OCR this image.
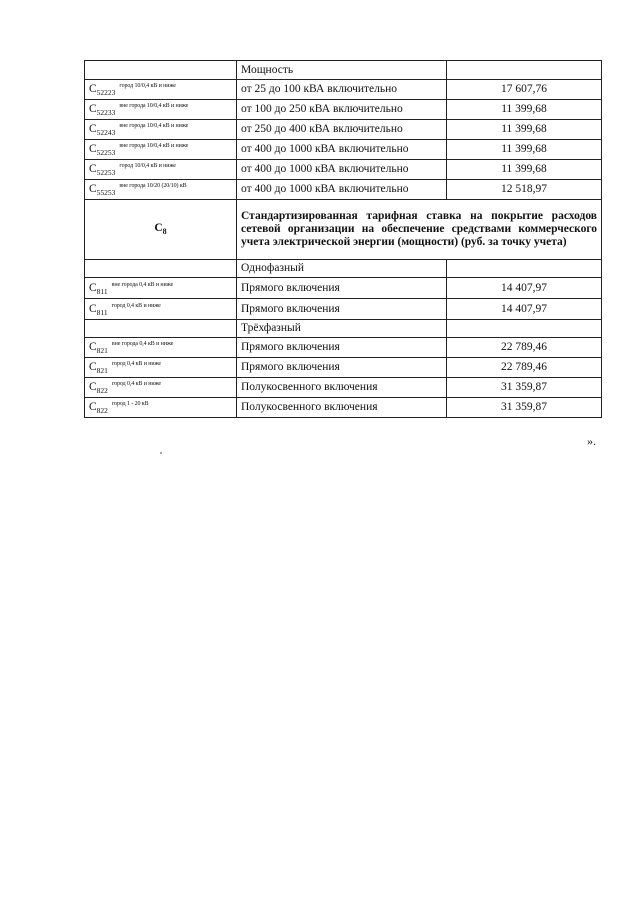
	Мощность	
$C_{52223}^{город 10/0,4 кВ и ниже}$	от 25 до 100 кВА включительно	17 607,76
$C_{52233}^{вне города 10/0,4 кВ и ниже}$	от 100 до 250 кВА включительно	11 399,68
$C_{52243}^{вне города 10/0,4 кВ и ниже}$	от 250 до 400 кВА включительно	11 399,68
$C_{52253}^{вне города 10/0,4 кВ и ниже}$	от 400 до 1000 кВА включительно	11 399,68
$C_{52253}^{город 10/0,4 кВ и ниже}$	от 400 до 1000 кВА включительно	11 399,68
$C_{55253}^{вне города 10/20 (20/10) кВ}$	от 400 до 1000 кВА включительно	12 518,97
$C_8$	Стандартизированная тарифная ставка на покрытие расходов сетевой организации на обеспечение средствами коммерческого учета электрической энергии (мощности) (руб. за точку учета)	
	Однофазный	
$C_{811}^{вне города 0,4 кВ и ниже}$	Прямого включения	14 407,97
$C_{811}^{город 0,4 кВ и ниже}$	Прямого включения	14 407,97
	Трёхфазный	
$C_{821}^{вне города 0,4 кВ и ниже}$	Прямого включения	22 789,46
$C_{821}^{город 0,4 кВ и ниже}$	Прямого включения	22 789,46
$C_{822}^{город 0,4 кВ и ниже}$	Полукосвенного включения	31 359,87
$C_{822}^{город 1 - 20 кВ}$	Полукосвенного включения	31 359,87
».
